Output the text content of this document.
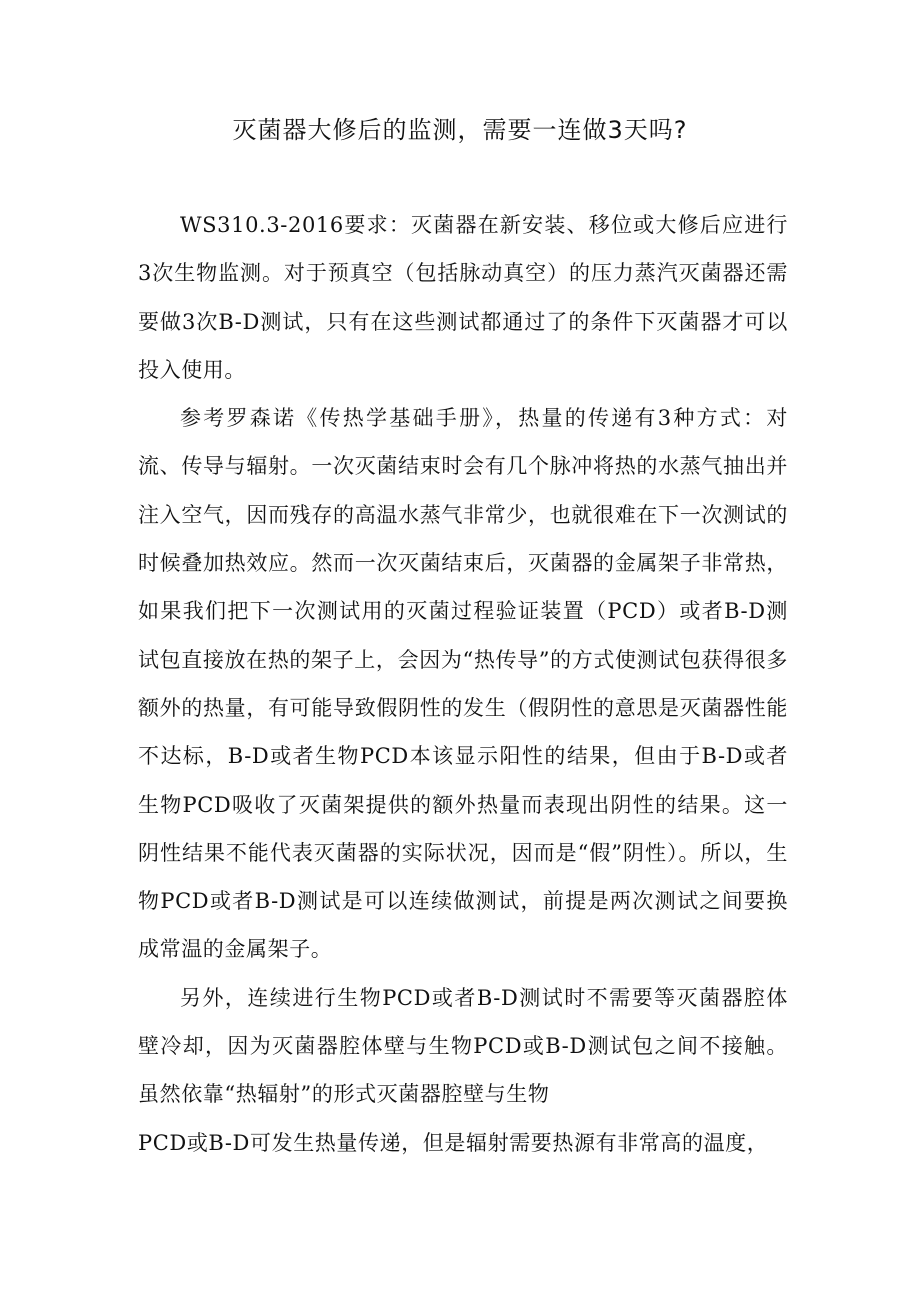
灭菌器大修后的监测，需要一连做3天吗?

WS310.3-2016要求：灭菌器在新安装、移位或大修后应进行3次生物监测。对于预真空（包括脉动真空）的压力蒸汽灭菌器还需要做3次B-D测试，只有在这些测试都通过了的条件下灭菌器才可以投入使用。

参考罗森诺《传热学基础手册》，热量的传递有3种方式：对流、传导与辐射。一次灭菌结束时会有几个脉冲将热的水蒸气抽出并注入空气，因而残存的高温水蒸气非常少，也就很难在下一次测试的时候叠加热效应。然而一次灭菌结束后，灭菌器的金属架子非常热，如果我们把下一次测试用的灭菌过程验证装置（PCD）或者B-D测试包直接放在热的架子上，会因为“热传导”的方式使测试包获得很多额外的热量，有可能导致假阴性的发生（假阴性的意思是灭菌器性能不达标，B-D或者生物PCD本该显示阳性的结果，但由于B-D或者生物PCD吸收了灭菌架提供的额外热量而表现出阴性的结果。这一阴性结果不能代表灭菌器的实际状况，因而是“假”阴性）。所以，生物PCD或者B-D测试是可以连续做测试，前提是两次测试之间要换成常温的金属架子。

另外，连续进行生物PCD或者B-D测试时不需要等灭菌器腔体壁冷却，因为灭菌器腔体壁与生物PCD或B-D测试包之间不接触。虽然依靠“热辐射”的形式灭菌器腔壁与生物

PCD或B-D可发生热量传递，但是辐射需要热源有非常高的温度，
